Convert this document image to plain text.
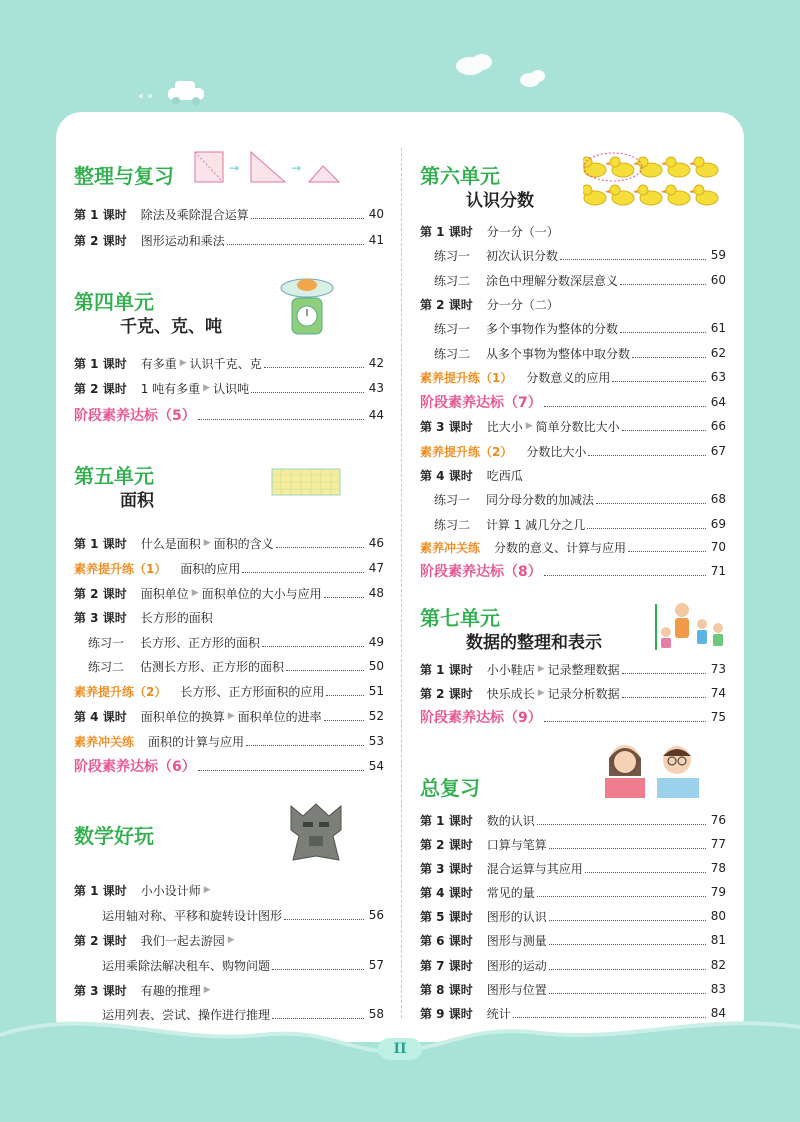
« «
→	→
整理与复习
第 1 课时 除法及乘除混合运算	40
第 2 课时 图形运动和乘法	41
第四单元
千克、克、吨
第 1 课时 有多重 ▶ 认识千克、克	42
第 2 课时 1 吨有多重 ▶ 认识吨	43
阶段素养达标（5）	44
第五单元
面积
第 1 课时 什么是面积 ▶ 面积的含义	46
素养提升练（1） 面积的应用	47
第 2 课时 面积单位 ▶ 面积单位的大小与应用	48
第 3 课时 长方形的面积
练习一 长方形、正方形的面积	49
练习二 估测长方形、正方形的面积	50
素养提升练（2） 长方形、正方形面积的应用	51
第 4 课时 面积单位的换算 ▶ 面积单位的进率	52
素养冲关练 面积的计算与应用	53
阶段素养达标（6）	54
数学好玩
第 1 课时 小小设计师 ▶
运用轴对称、平移和旋转设计图形	56
第 2 课时 我们一起去游园 ▶
运用乘除法解决租车、购物问题	57
第 3 课时 有趣的推理 ▶
运用列表、尝试、操作进行推理	58
第六单元
认识分数
第 1 课时 分一分（一）
练习一 初次认识分数	59
练习二 涂色中理解分数深层意义	60
第 2 课时 分一分（二）
练习一 多个事物作为整体的分数	61
练习二 从多个事物为整体中取分数	62
素养提升练（1） 分数意义的应用	63
阶段素养达标（7）	64
第 3 课时 比大小 ▶ 简单分数比大小	66
素养提升练（2） 分数比大小	67
第 4 课时 吃西瓜
练习一 同分母分数的加减法	68
练习二 计算 1 减几分之几	69
素养冲关练 分数的意义、计算与应用	70
阶段素养达标（8）	71
第七单元
数据的整理和表示
第 1 课时 小小鞋店 ▶ 记录整理数据	73
第 2 课时 快乐成长 ▶ 记录分析数据	74
阶段素养达标（9）	75
总复习
第 1 课时 数的认识	76
第 2 课时 口算与笔算	77
第 3 课时 混合运算与其应用	78
第 4 课时 常见的量	79
第 5 课时 图形的认识	80
第 6 课时 图形与测量	81
第 7 课时 图形的运动	82
第 8 课时 图形与位置	83
第 9 课时 统计	84
II
